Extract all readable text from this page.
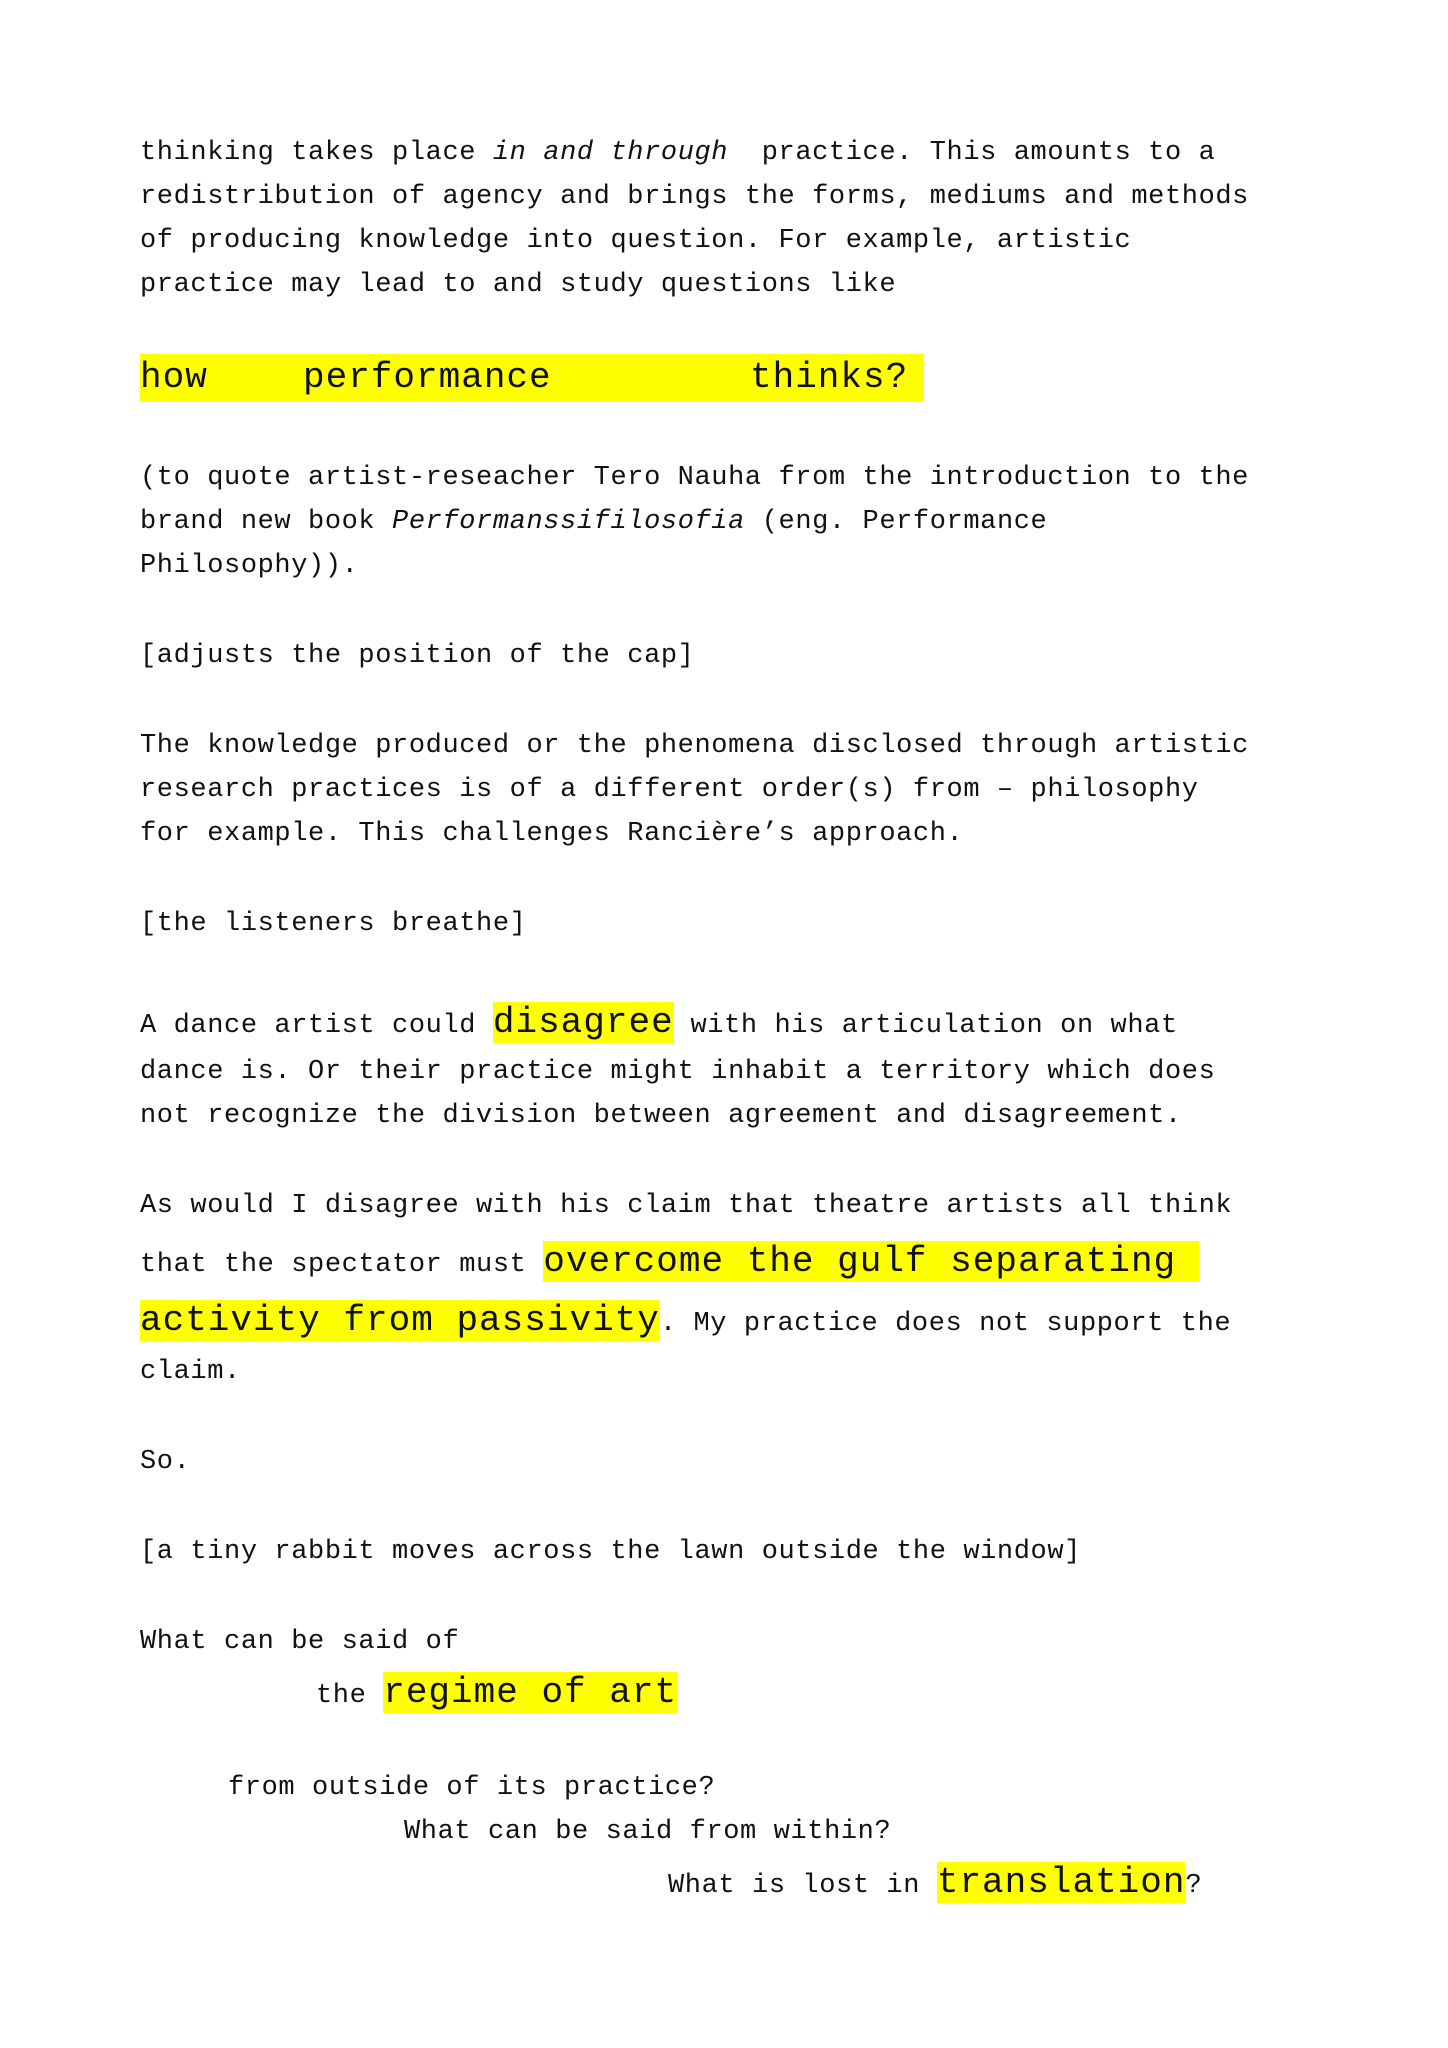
thinking takes place in and through  practice. This amounts to a
redistribution of agency and brings the forms, mediums and methods
of producing knowledge into question. For example, artistic
practice may lead to and study questions like
how	performance	thinks?
(to quote artist-reseacher Tero Nauha from the introduction to the
brand new book Performanssifilosofia (eng. Performance
Philosophy)).
[adjusts the position of the cap]
The knowledge produced or the phenomena disclosed through artistic
research practices is of a different order(s) from – philosophy
for example. This challenges Rancière’s approach.
[the listeners breathe]
A dance artist could disagree with his articulation on what
dance is. Or their practice might inhabit a territory which does
not recognize the division between agreement and disagreement.
As would I disagree with his claim that theatre artists all think
that the spectator must overcome the gulf separating
activity from passivity. My practice does not support the
claim.
So.
[a tiny rabbit moves across the lawn outside the window]
What can be said of
the regime of art
from outside of its practice?
What can be said from within?
What is lost in translation?
